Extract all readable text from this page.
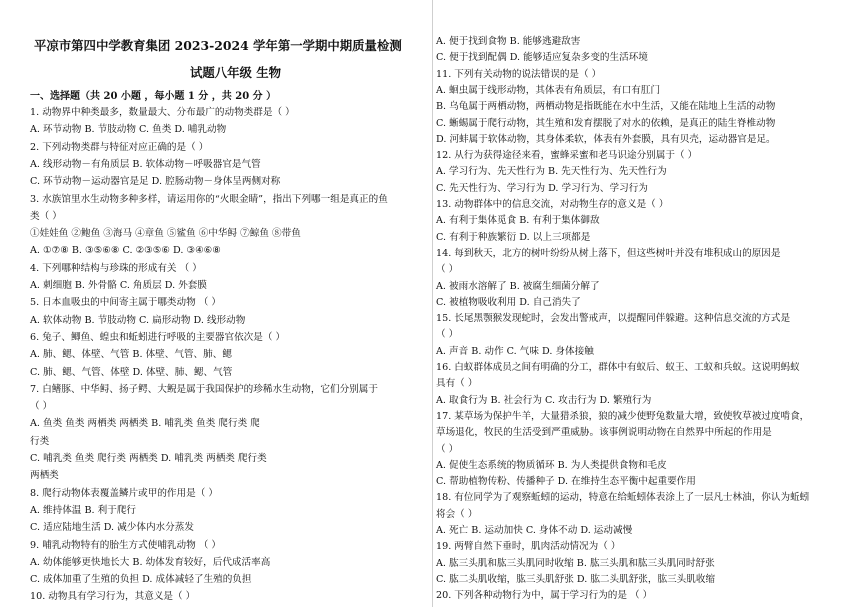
平凉市第四中学教育集团 2023-2024 学年第一学期中期质量检测
试题八年级 生物
一、选择题（共 20 小题 ，每小题 1 分 ，共 20 分 ）
1. 动物界中种类最多，数量最大、分布最广的动物类群是（ ）
A. 环节动物 B. 节肢动物 C. 鱼类 D. 哺乳动物
2. 下列动物类群与特征对应正确的是（ ）
A. 线形动物－有角质层 B. 软体动物－呼吸器官是气管
C. 环节动物－运动器官是足 D. 腔肠动物－身体呈两侧对称
3. 水族馆里水生动物多种多样，请运用你的“火眼金睛”，指出下列哪一组是真正的鱼
类（ ）
①娃娃鱼 ②鲍鱼 ③海马 ④章鱼 ⑤鲨鱼 ⑥中华鲟 ⑦鲸鱼 ⑧带鱼
A. ①⑦⑧ B. ③⑤⑥⑧ C. ②③⑤⑥ D. ③④⑥⑧
4. 下列哪种结构与珍珠的形成有关 （ ）
A. 刺细胞 B. 外骨骼 C. 角质层 D. 外套膜
5. 日本血吸虫的中间寄主属于哪类动物 （ ）
A. 软体动物 B. 节肢动物 C. 扁形动物 D. 线形动物
6. 兔子、鲫鱼、蝗虫和蚯蚓进行呼吸的主要器官依次是（ ）
A. 肺、鳃、体壁、气管 B. 体壁、气管、肺、鳃
C. 肺、鳃、气管、体壁 D. 体壁、肺、鳃、气管
7. 白鳍豚、中华鲟、扬子鳄、大鲵是属于我国保护的珍稀水生动物，它们分别属于
（ ）
A. 鱼类 鱼类 两栖类 两栖类 B. 哺乳类 鱼类 爬行类 爬
行类
C. 哺乳类 鱼类 爬行类 两栖类 D. 哺乳类 两栖类 爬行类
两栖类
8. 爬行动物体表覆盖鳞片或甲的作用是（ ）
A. 维持体温 B. 利于爬行
C. 适应陆地生活 D. 减少体内水分蒸发
9. 哺乳动物特有的胎生方式使哺乳动物 （ ）
A. 幼体能够更快地长大 B. 幼体发育较好，后代成活率高
C. 成体加重了生殖的负担 D. 成体减轻了生殖的负担
10. 动物具有学习行为，其意义是（ ）
A. 便于找到食物 B. 能够逃避敌害
C. 便于找到配偶 D. 能够适应复杂多变的生活环境
11. 下列有关动物的说法错误的是（ ）
A. 蛔虫属于线形动物，其体表有角质层，有口有肛门
B. 乌龟属于两栖动物，两栖动物是指既能在水中生活，又能在陆地上生活的动物
C. 蜥蜴属于爬行动物，其生殖和发育摆脱了对水的依赖，是真正的陆生脊椎动物
D. 河蚌属于软体动物，其身体柔软，体表有外套膜，具有贝壳，运动器官是足。
12. 从行为获得途径来看，蜜蜂采蜜和老马识途分别属于（ ）
A. 学习行为、先天性行为 B. 先天性行为、先天性行为
C. 先天性行为、学习行为 D. 学习行为、学习行为
13. 动物群体中的信息交流，对动物生存的意义是（ ）
A. 有利于集体觅食 B. 有利于集体御敌
C. 有利于种族繁衍 D. 以上三项都是
14. 每到秋天，北方的树叶纷纷从树上落下，但这些树叶并没有堆积成山的原因是
（ ）
A. 被雨水溶解了 B. 被腐生细菌分解了
C. 被植物吸收利用 D. 自己消失了
15. 长尾黑颚猴发现蛇时，会发出警戒声，以提醒同伴躲避。这种信息交流的方式是
（ ）
A. 声音 B. 动作 C. 气味 D. 身体接触
16. 白蚁群体成员之间有明确的分工，群体中有蚁后、蚁王、工蚁和兵蚁。这说明蚂蚁
具有（ ）
A. 取食行为 B. 社会行为 C. 攻击行为 D. 繁殖行为
17. 某草场为保护牛羊，大量猎杀狼，狼的减少使野兔数量大增，致使牧草被过度啃食，
草场退化，牧民的生活受到严重威胁。该事例说明动物在自然界中所起的作用是
（ ）
A. 促使生态系统的物质循环 B. 为人类提供食物和毛皮
C. 帮助植物传粉、传播种子 D. 在维持生态平衡中起重要作用
18. 有位同学为了观察蚯蚓的运动，特意在给蚯蚓体表涂上了一层凡士林油，你认为蚯蚓
将会（ ）
A. 死亡 B. 运动加快 C. 身体不动 D. 运动减慢
19. 两臂自然下垂时，肌肉活动情况为（ ）
A. 肱三头肌和肱三头肌同时收缩 B. 肱三头肌和肱三头肌同时舒张
C. 肱二头肌收缩，肱三头肌舒张 D. 肱二头肌舒张，肱三头肌收缩
20. 下列各种动物行为中，属于学习行为的是 （ ）
